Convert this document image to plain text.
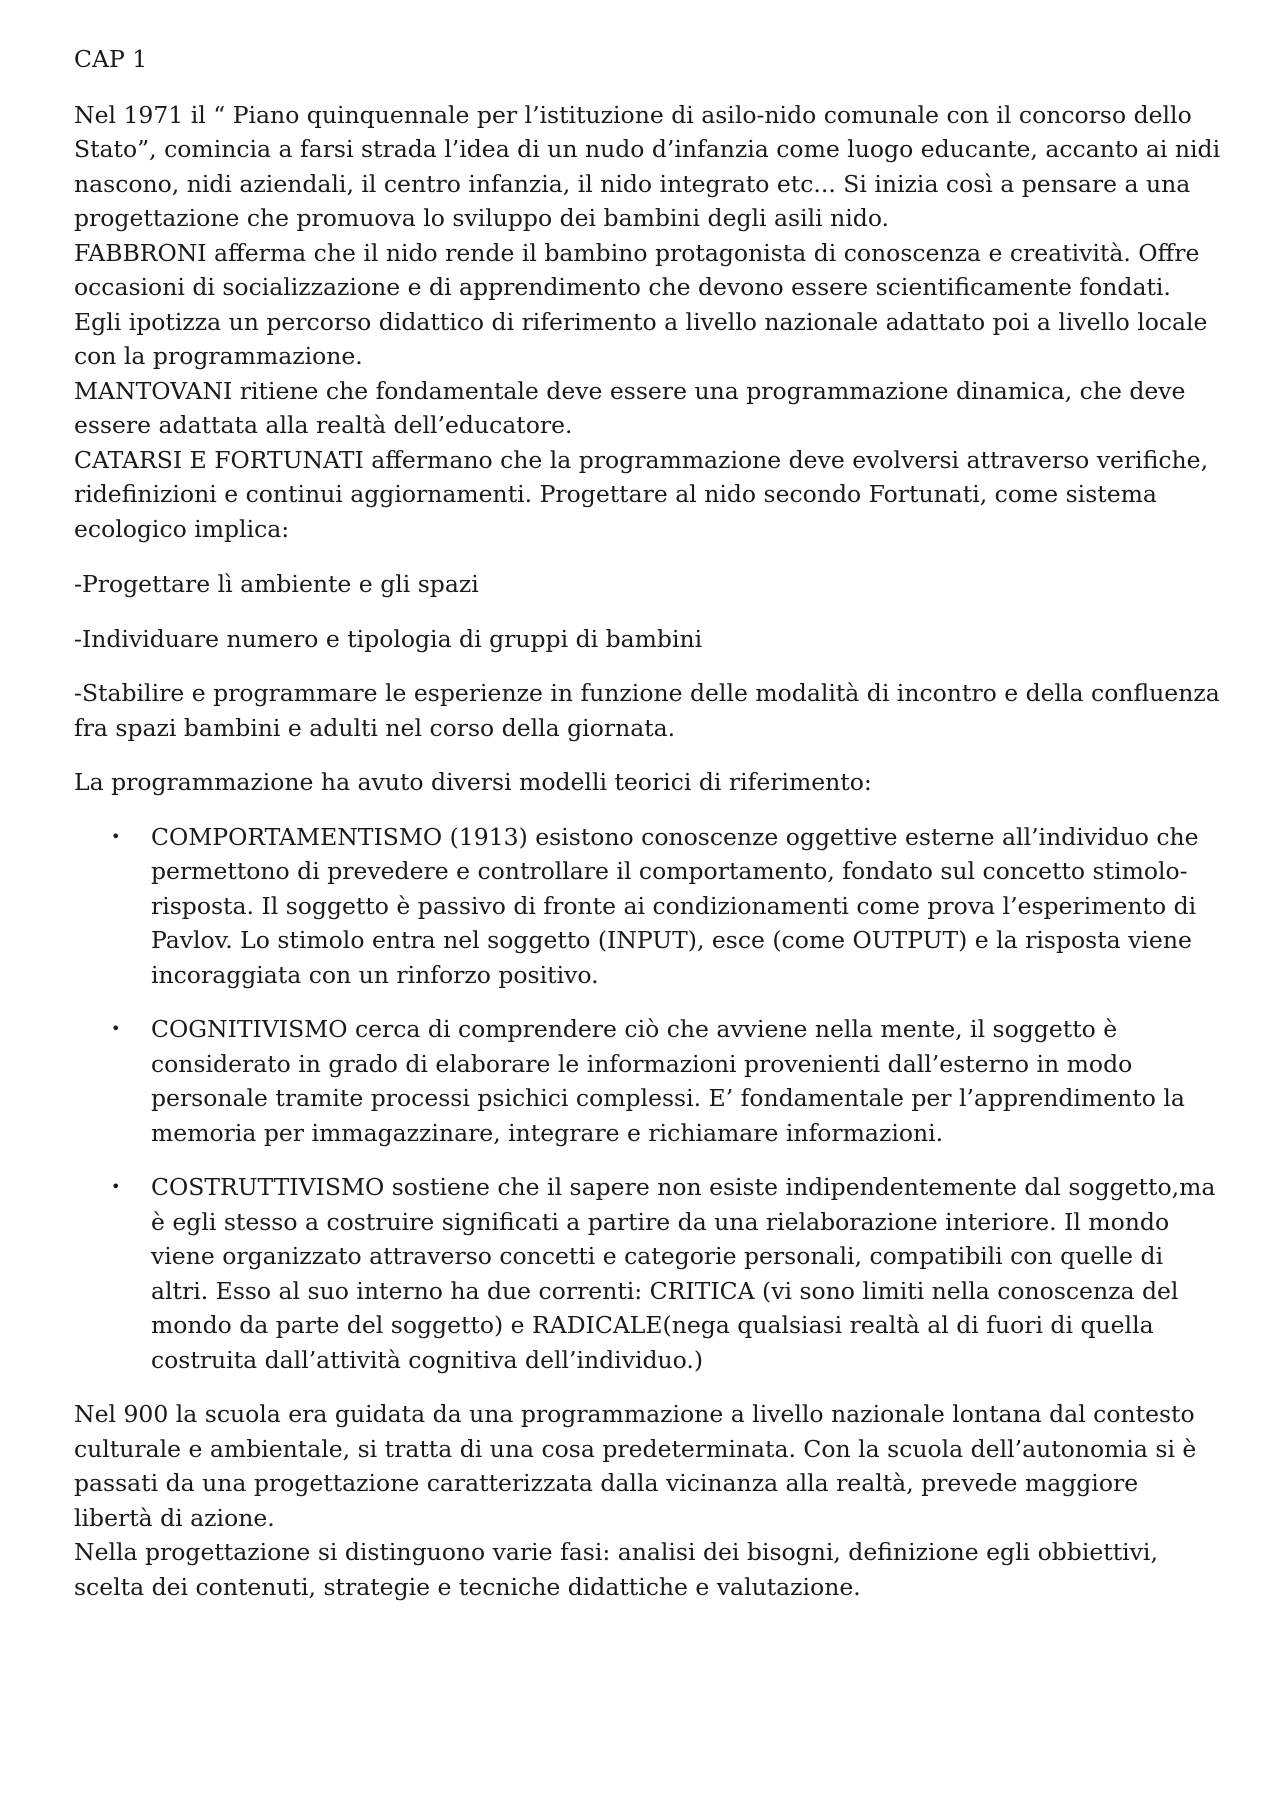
CAP 1

Nel 1971 il “ Piano quinquennale per l’istituzione di asilo-nido comunale con il concorso dello Stato”, comincia a farsi strada l’idea di un nudo d’infanzia come luogo educante, accanto ai nidi nascono, nidi aziendali, il centro infanzia, il nido integrato etc... Si inizia così a pensare a una progettazione che promuova lo sviluppo dei bambini degli asili nido.

FABBRONI afferma che il nido rende il bambino protagonista di conoscenza e creatività. Offre occasioni di socializzazione e di apprendimento che devono essere scientificamente fondati. Egli ipotizza un percorso didattico di riferimento a livello nazionale adattato poi a livello locale con la programmazione.

MANTOVANI ritiene che fondamentale deve essere una programmazione dinamica, che deve essere adattata alla realtà dell’educatore.

CATARSI E FORTUNATI affermano che la programmazione deve evolversi attraverso verifiche, ridefinizioni e continui aggiornamenti. Progettare al nido secondo Fortunati, come sistema ecologico implica:

-Progettare lì ambiente e gli spazi

-Individuare numero e tipologia di gruppi di bambini

-Stabilire e programmare le esperienze in funzione delle modalità di incontro e della confluenza fra spazi bambini e adulti nel corso della giornata.

La programmazione ha avuto diversi modelli teorici di riferimento:

• COMPORTAMENTISMO (1913) esistono conoscenze oggettive esterne all’individuo che permettono di prevedere e controllare il comportamento, fondato sul concetto stimolo- risposta. Il soggetto è passivo di fronte ai condizionamenti come prova l’esperimento di Pavlov. Lo stimolo entra nel soggetto (INPUT), esce (come OUTPUT) e la risposta viene incoraggiata con un rinforzo positivo.
• COGNITIVISMO cerca di comprendere ciò che avviene nella mente, il soggetto è considerato in grado di elaborare le informazioni provenienti dall’esterno in modo personale tramite processi psichici complessi. E’ fondamentale per l’apprendimento la memoria per immagazzinare, integrare e richiamare informazioni.
• COSTRUTTIVISMO sostiene che il sapere non esiste indipendentemente dal soggetto,ma è egli stesso a costruire significati a partire da una rielaborazione interiore. Il mondo viene organizzato attraverso concetti e categorie personali, compatibili con quelle di altri. Esso al suo interno ha due correnti: CRITICA (vi sono limiti nella conoscenza del mondo da parte del soggetto) e RADICALE(nega qualsiasi realtà al di fuori di quella costruita dall’attività cognitiva dell’individuo.)

Nel 900 la scuola era guidata da una programmazione a livello nazionale lontana dal contesto culturale e ambientale, si tratta di una cosa predeterminata. Con la scuola dell’autonomia si è passati da una progettazione caratterizzata dalla vicinanza alla realtà, prevede maggiore libertà di azione.

Nella progettazione si distinguono varie fasi: analisi dei bisogni, definizione egli obbiettivi, scelta dei contenuti, strategie e tecniche didattiche e valutazione.
